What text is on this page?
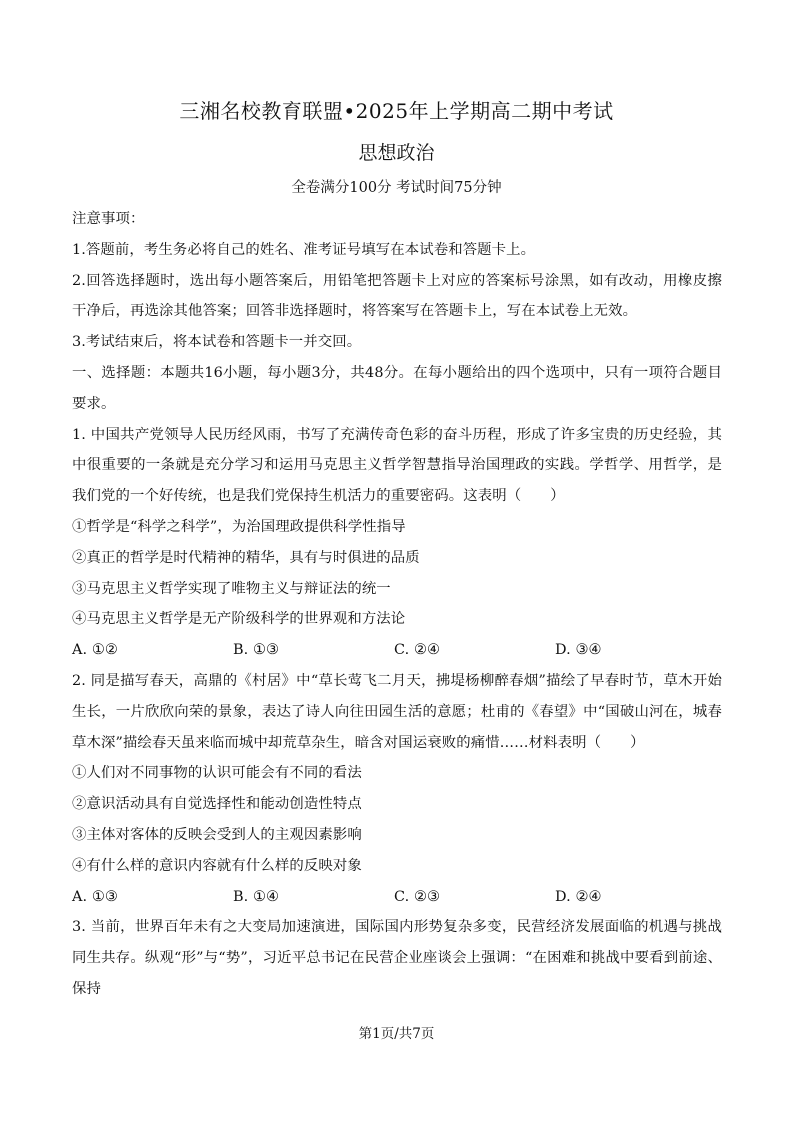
三湘名校教育联盟•2025年上学期高二期中考试
思想政治
全卷满分100分 考试时间75分钟

注意事项：

1.答题前，考生务必将自己的姓名、准考证号填写在本试卷和答题卡上。

2.回答选择题时，选出每小题答案后，用铅笔把答题卡上对应的答案标号涂黑，如有改动，用橡皮擦干净后，再选涂其他答案；回答非选择题时，将答案写在答题卡上，写在本试卷上无效。

3.考试结束后，将本试卷和答题卡一并交回。

一、选择题：本题共16小题，每小题3分，共48分。在每小题给出的四个选项中，只有一项符合题目要求。

1. 中国共产党领导人民历经风雨，书写了充满传奇色彩的奋斗历程，形成了许多宝贵的历史经验，其中很重要的一条就是充分学习和运用马克思主义哲学智慧指导治国理政的实践。学哲学、用哲学，是我们党的一个好传统，也是我们党保持生机活力的重要密码。这表明（　　）

①哲学是“科学之科学”，为治国理政提供科学性指导

②真正的哲学是时代精神的精华，具有与时俱进的品质

③马克思主义哲学实现了唯物主义与辩证法的统一

④马克思主义哲学是无产阶级科学的世界观和方法论

A. ①②	B. ①③	C. ②④	D. ③④

2. 同是描写春天，高鼎的《村居》中“草长莺飞二月天，拂堤杨柳醉春烟”描绘了早春时节，草木开始生长，一片欣欣向荣的景象，表达了诗人向往田园生活的意愿；杜甫的《春望》中“国破山河在，城春草木深”描绘春天虽来临而城中却荒草杂生，暗含对国运衰败的痛惜……材料表明（　　）

①人们对不同事物的认识可能会有不同的看法

②意识活动具有自觉选择性和能动创造性特点

③主体对客体的反映会受到人的主观因素影响

④有什么样的意识内容就有什么样的反映对象

A. ①③	B. ①④	C. ②③	D. ②④

3. 当前，世界百年未有之大变局加速演进，国际国内形势复杂多变，民营经济发展面临的机遇与挑战同生共存。纵观“形”与“势”，习近平总书记在民营企业座谈会上强调：“在困难和挑战中要看到前途、保持

第1页/共7页
